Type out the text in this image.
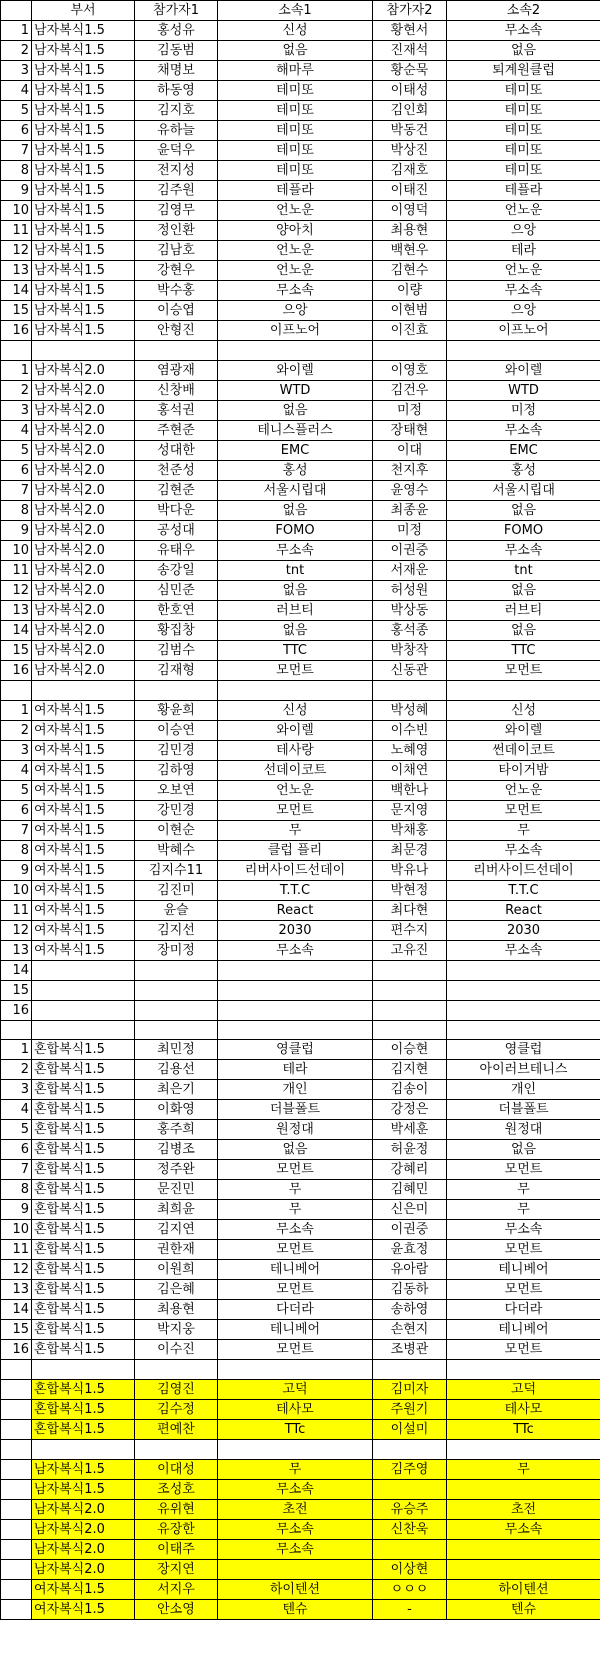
	부서	참가자1	소속1	참가자2	소속2
1	남자복식1.5	홍성유	신성	황현서	무소속
2	남자복식1.5	김동범	없음	진재석	없음
3	남자복식1.5	채명보	해마루	황순묵	퇴계원클럽
4	남자복식1.5	하동영	테미또	이태성	테미또
5	남자복식1.5	김지호	테미또	김인회	테미또
6	남자복식1.5	유하늘	테미또	박동건	테미또
7	남자복식1.5	윤덕우	테미또	박상진	테미또
8	남자복식1.5	전지성	테미또	김재호	테미또
9	남자복식1.5	김주원	테플라	이태진	테플라
10	남자복식1.5	김영무	언노운	이영덕	언노운
11	남자복식1.5	정인환	양아치	최용현	으앙
12	남자복식1.5	김남호	언노운	백현우	테라
13	남자복식1.5	강현우	언노운	김현수	언노운
14	남자복식1.5	박수홍	무소속	이량	무소속
15	남자복식1.5	이승엽	으앙	이현범	으앙
16	남자복식1.5	안형진	이프노어	이진효	이프노어

1	남자복식2.0	염광재	와이렐	이영호	와이렐
2	남자복식2.0	신창배	WTD	김건우	WTD
3	남자복식2.0	홍석권	없음	미정	미정
4	남자복식2.0	주현준	테니스플러스	장태현	무소속
5	남자복식2.0	성대한	EMC	이대	EMC
6	남자복식2.0	천준성	홍성	천지후	홍성
7	남자복식2.0	김현준	서울시립대	윤영수	서울시립대
8	남자복식2.0	박다운	없음	최종윤	없음
9	남자복식2.0	공성대	FOMO	미정	FOMO
10	남자복식2.0	유태우	무소속	이권중	무소속
11	남자복식2.0	송강일	tnt	서재운	tnt
12	남자복식2.0	심민준	없음	허성원	없음
13	남자복식2.0	한호연	러브티	박상동	러브티
14	남자복식2.0	황집창	없음	홍석종	없음
15	남자복식2.0	김범수	TTC	박창작	TTC
16	남자복식2.0	김재형	모먼트	신동관	모먼트

1	여자복식1.5	황윤희	신성	박성혜	신성
2	여자복식1.5	이승연	와이렐	이수빈	와이렐
3	여자복식1.5	김민경	테사랑	노혜영	썬데이코트
4	여자복식1.5	김하영	선데이코트	이채연	타이거밤
5	여자복식1.5	오보연	언노운	백한나	언노운
6	여자복식1.5	강민경	모먼트	문지영	모먼트
7	여자복식1.5	이현순	무	박채홍	무
8	여자복식1.5	박혜수	클럽 플리	최문경	무소속
9	여자복식1.5	김지수11	리버사이드선데이	박유나	리버사이드선데이
10	여자복식1.5	김진미	T.T.C	박현정	T.T.C
11	여자복식1.5	윤슬	React	최다현	React
12	여자복식1.5	김지선	2030	편수지	2030
13	여자복식1.5	장미정	무소속	고유진	무소속
14					
15					
16					

1	혼합복식1.5	최민정	영클럽	이승현	영클럽
2	혼합복식1.5	김용선	테라	김지현	아이러브테니스
3	혼합복식1.5	최은기	개인	김송이	개인
4	혼합복식1.5	이화영	더블폴트	강정은	더블폴트
5	혼합복식1.5	홍주희	원정대	박세훈	원정대
6	혼합복식1.5	김병조	없음	허윤정	없음
7	혼합복식1.5	정주완	모먼트	강혜리	모먼트
8	혼합복식1.5	문진민	무	김혜민	무
9	혼합복식1.5	최희윤	무	신은미	무
10	혼합복식1.5	김지연	무소속	이권중	무소속
11	혼합복식1.5	권한재	모먼트	윤효정	모먼트
12	혼합복식1.5	이원희	테니베어	유아람	테니베어
13	혼합복식1.5	김은혜	모먼트	김동하	모먼트
14	혼합복식1.5	최용현	다더라	송하영	다더라
15	혼합복식1.5	박지웅	테니베어	손현지	테니베어
16	혼합복식1.5	이수진	모먼트	조병관	모먼트

	혼합복식1.5	김영진	고덕	김미자	고덕
	혼합복식1.5	김수정	테사모	주원기	테사모
	혼합복식1.5	편예찬	TTc	이설미	TTc

	남자복식1.5	이대성	무	김주영	무
	남자복식1.5	조성호	무소속		
	남자복식2.0	유위현	초전	유승주	초전
	남자복식2.0	유장한	무소속	신찬욱	무소속
	남자복식2.0	이태주	무소속		
	남자복식2.0	장지연		이상현	
	여자복식1.5	서지우	하이텐션	ㅇㅇㅇ	하이텐션
	여자복식1.5	안소영	텐슈	-	텐슈
